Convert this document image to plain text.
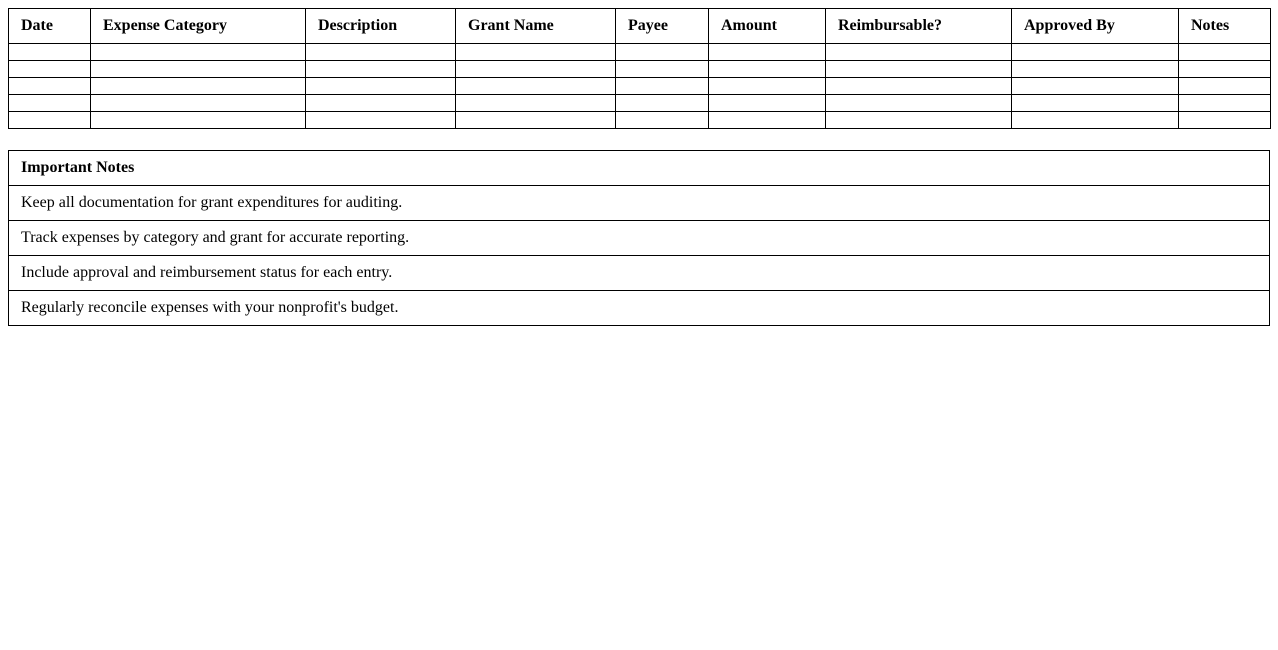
Date	Expense Category	Description	Grant Name	Payee	Amount	Reimbursable?	Approved By	Notes

Important Notes
Keep all documentation for grant expenditures for auditing.
Track expenses by category and grant for accurate reporting.
Include approval and reimbursement status for each entry.
Regularly reconcile expenses with your nonprofit's budget.
